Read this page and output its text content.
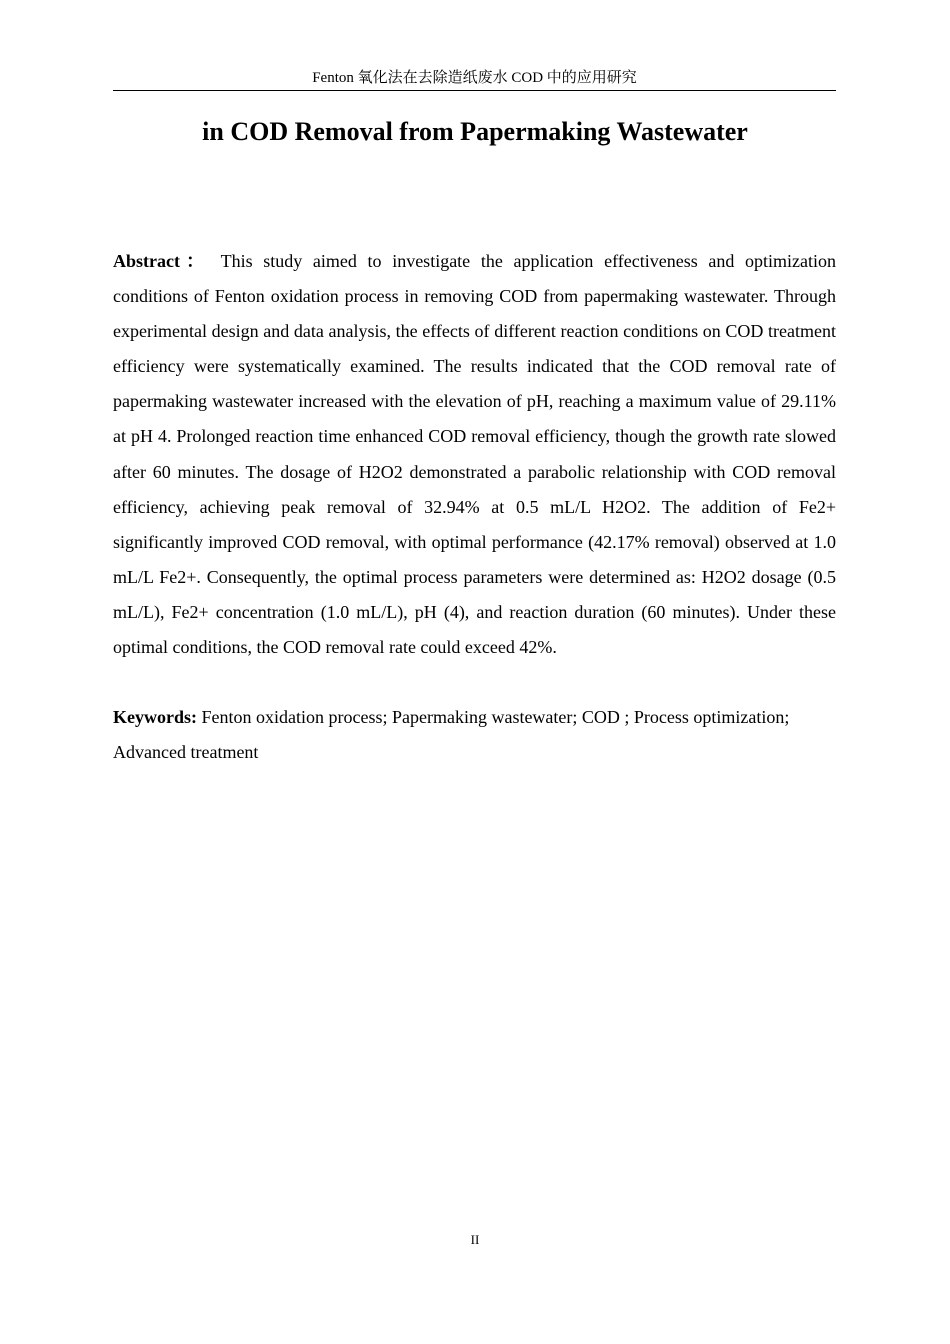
Fenton 氧化法在去除造纸废水 COD 中的应用研究
in COD Removal from Papermaking Wastewater

Abstract： This study aimed to investigate the application effectiveness and optimization conditions of Fenton oxidation process in removing COD from papermaking wastewater. Through experimental design and data analysis, the effects of different reaction conditions on COD treatment efficiency were systematically examined. The results indicated that the COD removal rate of papermaking wastewater increased with the elevation of pH, reaching a maximum value of 29.11% at pH 4. Prolonged reaction time enhanced COD removal efficiency, though the growth rate slowed after 60 minutes. The dosage of H2O2 demonstrated a parabolic relationship with COD removal efficiency, achieving peak removal of 32.94% at 0.5 mL/L H2O2. The addition of Fe2+ significantly improved COD removal, with optimal performance (42.17% removal) observed at 1.0 mL/L Fe2+. Consequently, the optimal process parameters were determined as: H2O2 dosage (0.5 mL/L), Fe2+ concentration (1.0 mL/L), pH (4), and reaction duration (60 minutes). Under these optimal conditions, the COD removal rate could exceed 42%.

Keywords: Fenton oxidation process; Papermaking wastewater; COD ; Process optimization; Advanced treatment

II
